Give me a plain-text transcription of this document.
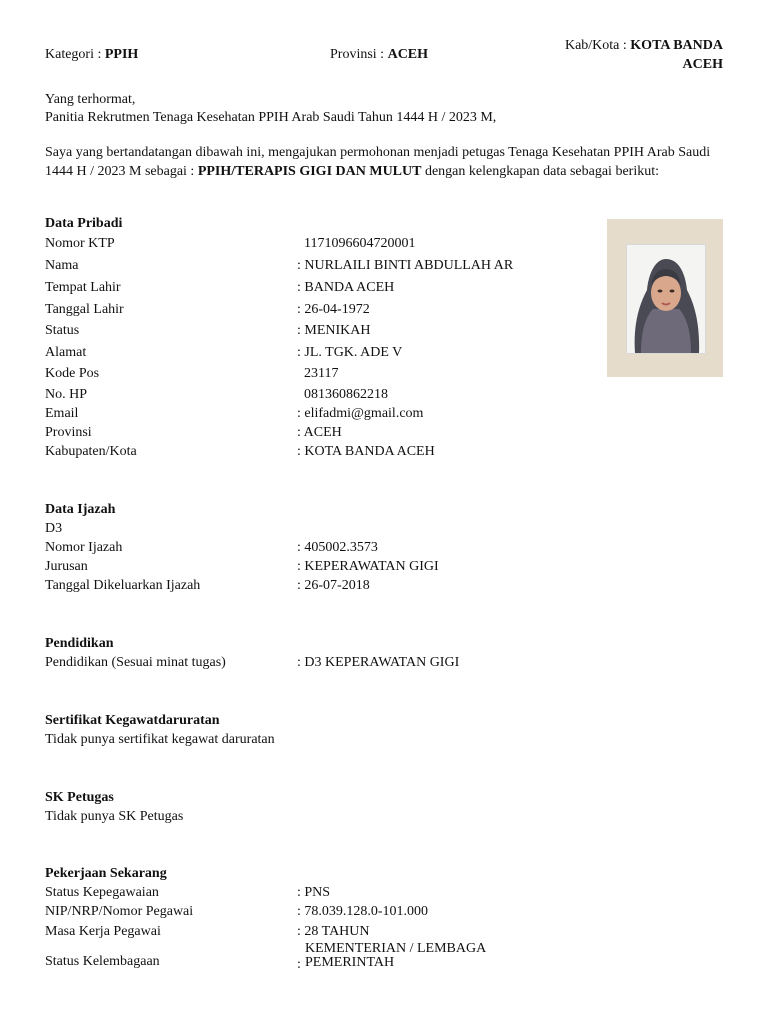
Kategori : PPIH	Provinsi : ACEH
Kab/Kota : KOTA BANDA
ACEH
Yang terhormat,
Panitia Rekrutmen Tenaga Kesehatan PPIH Arab Saudi Tahun 1444 H / 2023 M,
Saya yang bertandatangan dibawah ini, mengajukan permohonan menjadi petugas Tenaga Kesehatan PPIH Arab Saudi 1444 H / 2023 M sebagai : PPIH/TERAPIS GIGI DAN MULUT dengan kelengkapan data sebagai berikut:
Data Pribadi
Nomor KTP	1171096604720001
Nama	: NURLAILI BINTI ABDULLAH AR
Tempat Lahir	: BANDA ACEH
Tanggal Lahir	: 26-04-1972
Status	: MENIKAH
Alamat	: JL. TGK. ADE V
Kode Pos	23117
No. HP	081360862218
Email	: elifadmi@gmail.com
Provinsi	: ACEH
Kabupaten/Kota	: KOTA BANDA ACEH
Data Ijazah
D3
Nomor Ijazah	: 405002.3573
Jurusan	: KEPERAWATAN GIGI
Tanggal Dikeluarkan Ijazah	: 26-07-2018
Pendidikan
Pendidikan (Sesuai minat tugas)	: D3 KEPERAWATAN GIGI
Sertifikat Kegawatdaruratan
Tidak punya sertifikat kegawat daruratan
SK Petugas
Tidak punya SK Petugas
Pekerjaan Sekarang
Status Kepegawaian	: PNS
NIP/NRP/Nomor Pegawai	: 78.039.128.0-101.000
Masa Kerja Pegawai	: 28 TAHUN
Status Kelembagaan	:
KEMENTERIAN / LEMBAGA
PEMERINTAH
